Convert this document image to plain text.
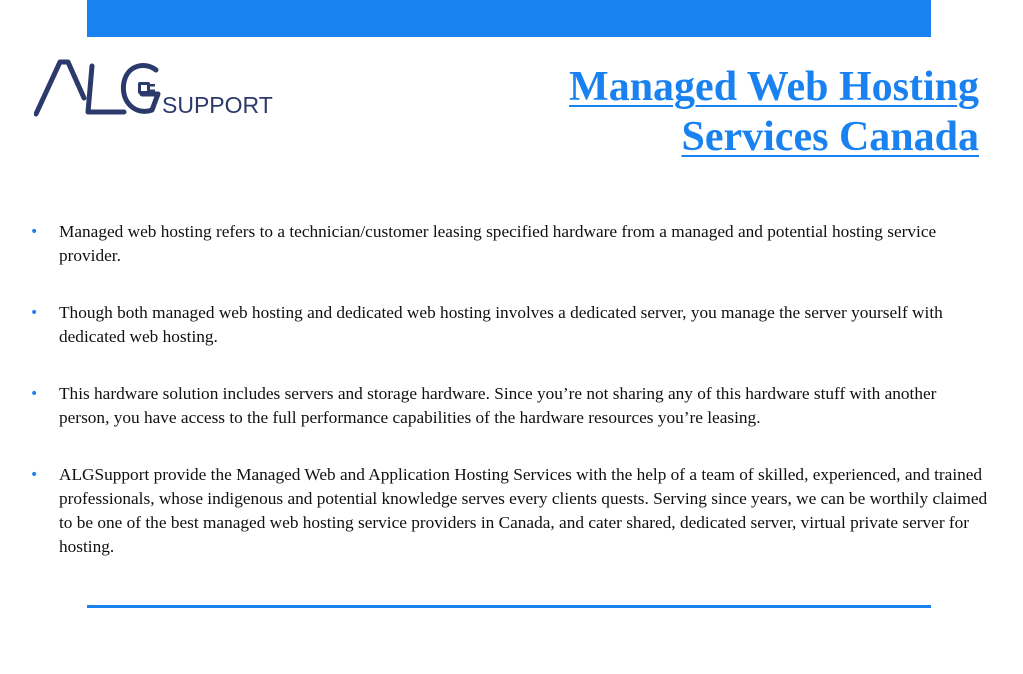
SUPPORT	Managed Web Hosting
Services Canada
• Managed web hosting refers to a technician/customer leasing specified hardware from a managed and potential hosting service provider.
• Though both managed web hosting and dedicated web hosting involves a dedicated server, you manage the server yourself with dedicated web hosting.
• This hardware solution includes servers and storage hardware. Since you’re not sharing any of this hardware stuff with another person, you have access to the full performance capabilities of the hardware resources you’re leasing.
• ALGSupport provide the Managed Web and Application Hosting Services with the help of a team of skilled, experienced, and trained professionals, whose indigenous and potential knowledge serves every clients quests. Serving since years, we can be worthily claimed to be one of the best managed web hosting service providers in Canada, and cater shared, dedicated server, virtual private server for hosting.
